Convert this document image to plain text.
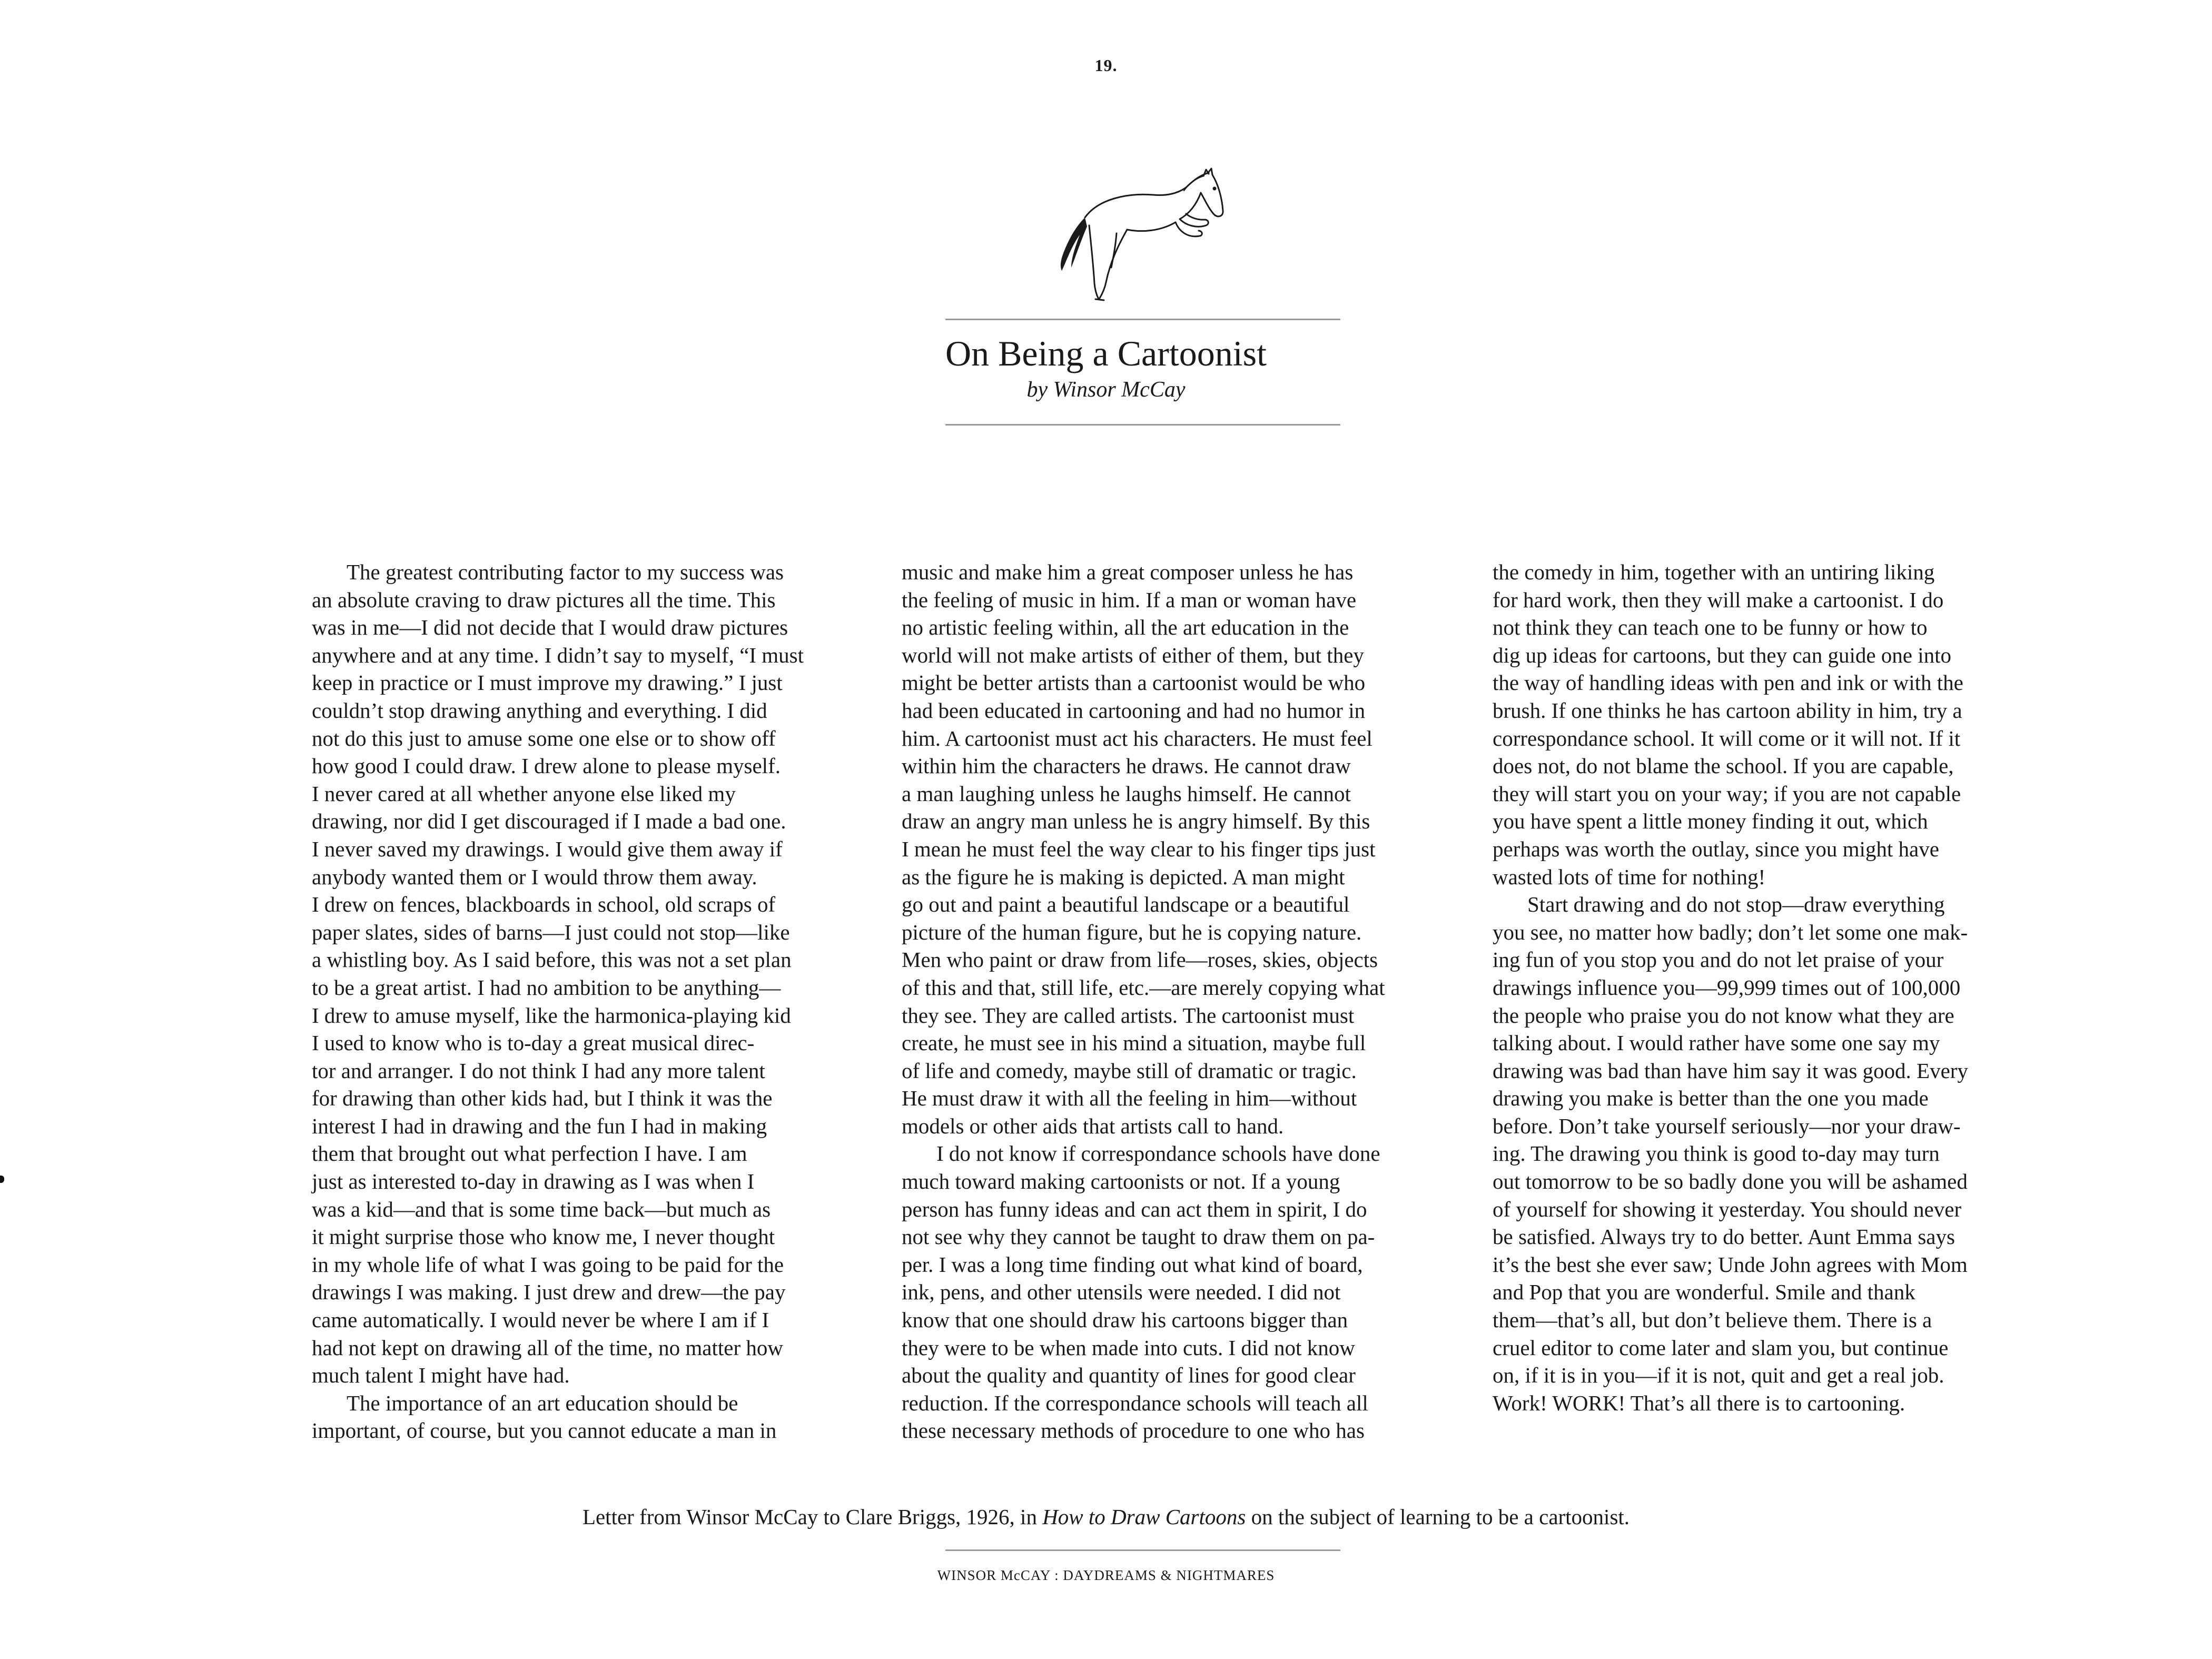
19.
On Being a Cartoonist
by Winsor McCay

The greatest contributing factor to my success was
an absolute craving to draw pictures all the time. This
was in me—I did not decide that I would draw pictures
anywhere and at any time. I didn’t say to myself, “I must
keep in practice or I must improve my drawing.” I just
couldn’t stop drawing anything and everything. I did
not do this just to amuse some one else or to show off
how good I could draw. I drew alone to please myself.
I never cared at all whether anyone else liked my
drawing, nor did I get discouraged if I made a bad one.
I never saved my drawings. I would give them away if
anybody wanted them or I would throw them away.
I drew on fences, blackboards in school, old scraps of
paper slates, sides of barns—I just could not stop—like
a whistling boy. As I said before, this was not a set plan
to be a great artist. I had no ambition to be anything—
I drew to amuse myself, like the harmonica-playing kid
I used to know who is to-day a great musical direc-
tor and arranger. I do not think I had any more talent
for drawing than other kids had, but I think it was the
interest I had in drawing and the fun I had in making
them that brought out what perfection I have. I am
just as interested to-day in drawing as I was when I
was a kid—and that is some time back—but much as
it might surprise those who know me, I never thought
in my whole life of what I was going to be paid for the
drawings I was making. I just drew and drew—the pay
came automatically. I would never be where I am if I
had not kept on drawing all of the time, no matter how
much talent I might have had.

The importance of an art education should be
important, of course, but you cannot educate a man in

music and make him a great composer unless he has
the feeling of music in him. If a man or woman have
no artistic feeling within, all the art education in the
world will not make artists of either of them, but they
might be better artists than a cartoonist would be who
had been educated in cartooning and had no humor in
him. A cartoonist must act his characters. He must feel
within him the characters he draws. He cannot draw
a man laughing unless he laughs himself. He cannot
draw an angry man unless he is angry himself. By this
I mean he must feel the way clear to his finger tips just
as the figure he is making is depicted. A man might
go out and paint a beautiful landscape or a beautiful
picture of the human figure, but he is copying nature.
Men who paint or draw from life—roses, skies, objects
of this and that, still life, etc.—are merely copying what
they see. They are called artists. The cartoonist must
create, he must see in his mind a situation, maybe full
of life and comedy, maybe still of dramatic or tragic.
He must draw it with all the feeling in him—without
models or other aids that artists call to hand.

I do not know if correspondance schools have done
much toward making cartoonists or not. If a young
person has funny ideas and can act them in spirit, I do
not see why they cannot be taught to draw them on pa-
per. I was a long time finding out what kind of board,
ink, pens, and other utensils were needed. I did not
know that one should draw his cartoons bigger than
they were to be when made into cuts. I did not know
about the quality and quantity of lines for good clear
reduction. If the correspondance schools will teach all
these necessary methods of procedure to one who has

the comedy in him, together with an untiring liking
for hard work, then they will make a cartoonist. I do
not think they can teach one to be funny or how to
dig up ideas for cartoons, but they can guide one into
the way of handling ideas with pen and ink or with the
brush. If one thinks he has cartoon ability in him, try a
correspondance school. It will come or it will not. If it
does not, do not blame the school. If you are capable,
they will start you on your way; if you are not capable
you have spent a little money finding it out, which
perhaps was worth the outlay, since you might have
wasted lots of time for nothing!

Start drawing and do not stop—draw everything
you see, no matter how badly; don’t let some one mak-
ing fun of you stop you and do not let praise of your
drawings influence you—99,999 times out of 100,000
the people who praise you do not know what they are
talking about. I would rather have some one say my
drawing was bad than have him say it was good. Every
drawing you make is better than the one you made
before. Don’t take yourself seriously—nor your draw-
ing. The drawing you think is good to-day may turn
out tomorrow to be so badly done you will be ashamed
of yourself for showing it yesterday. You should never
be satisfied. Always try to do better. Aunt Emma says
it’s the best she ever saw; Unde John agrees with Mom
and Pop that you are wonderful. Smile and thank
them—that’s all, but don’t believe them. There is a
cruel editor to come later and slam you, but continue
on, if it is in you—if it is not, quit and get a real job.
Work! WORK! That’s all there is to cartooning.

Letter from Winsor McCay to Clare Briggs, 1926, in How to Draw Cartoons on the subject of learning to be a cartoonist.
WINSOR McCAY : DAYDREAMS & NIGHTMARES
